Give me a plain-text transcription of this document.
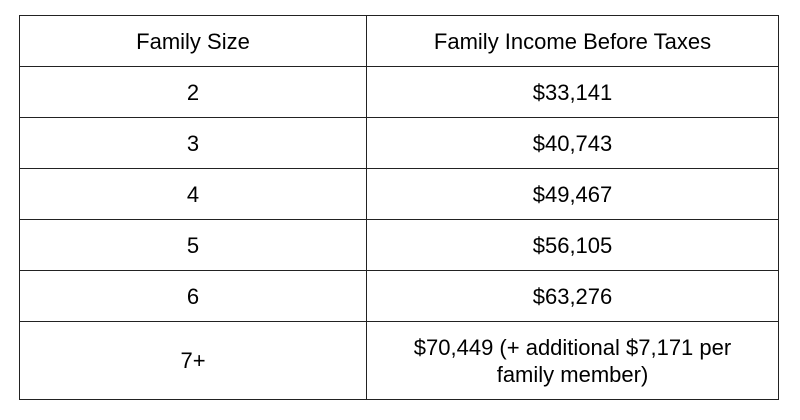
Family Size	Family Income Before Taxes
2	$33,141
3	$40,743
4	$49,467
5	$56,105
6	$63,276
7+	$70,449 (+ additional $7,171 per family member)
